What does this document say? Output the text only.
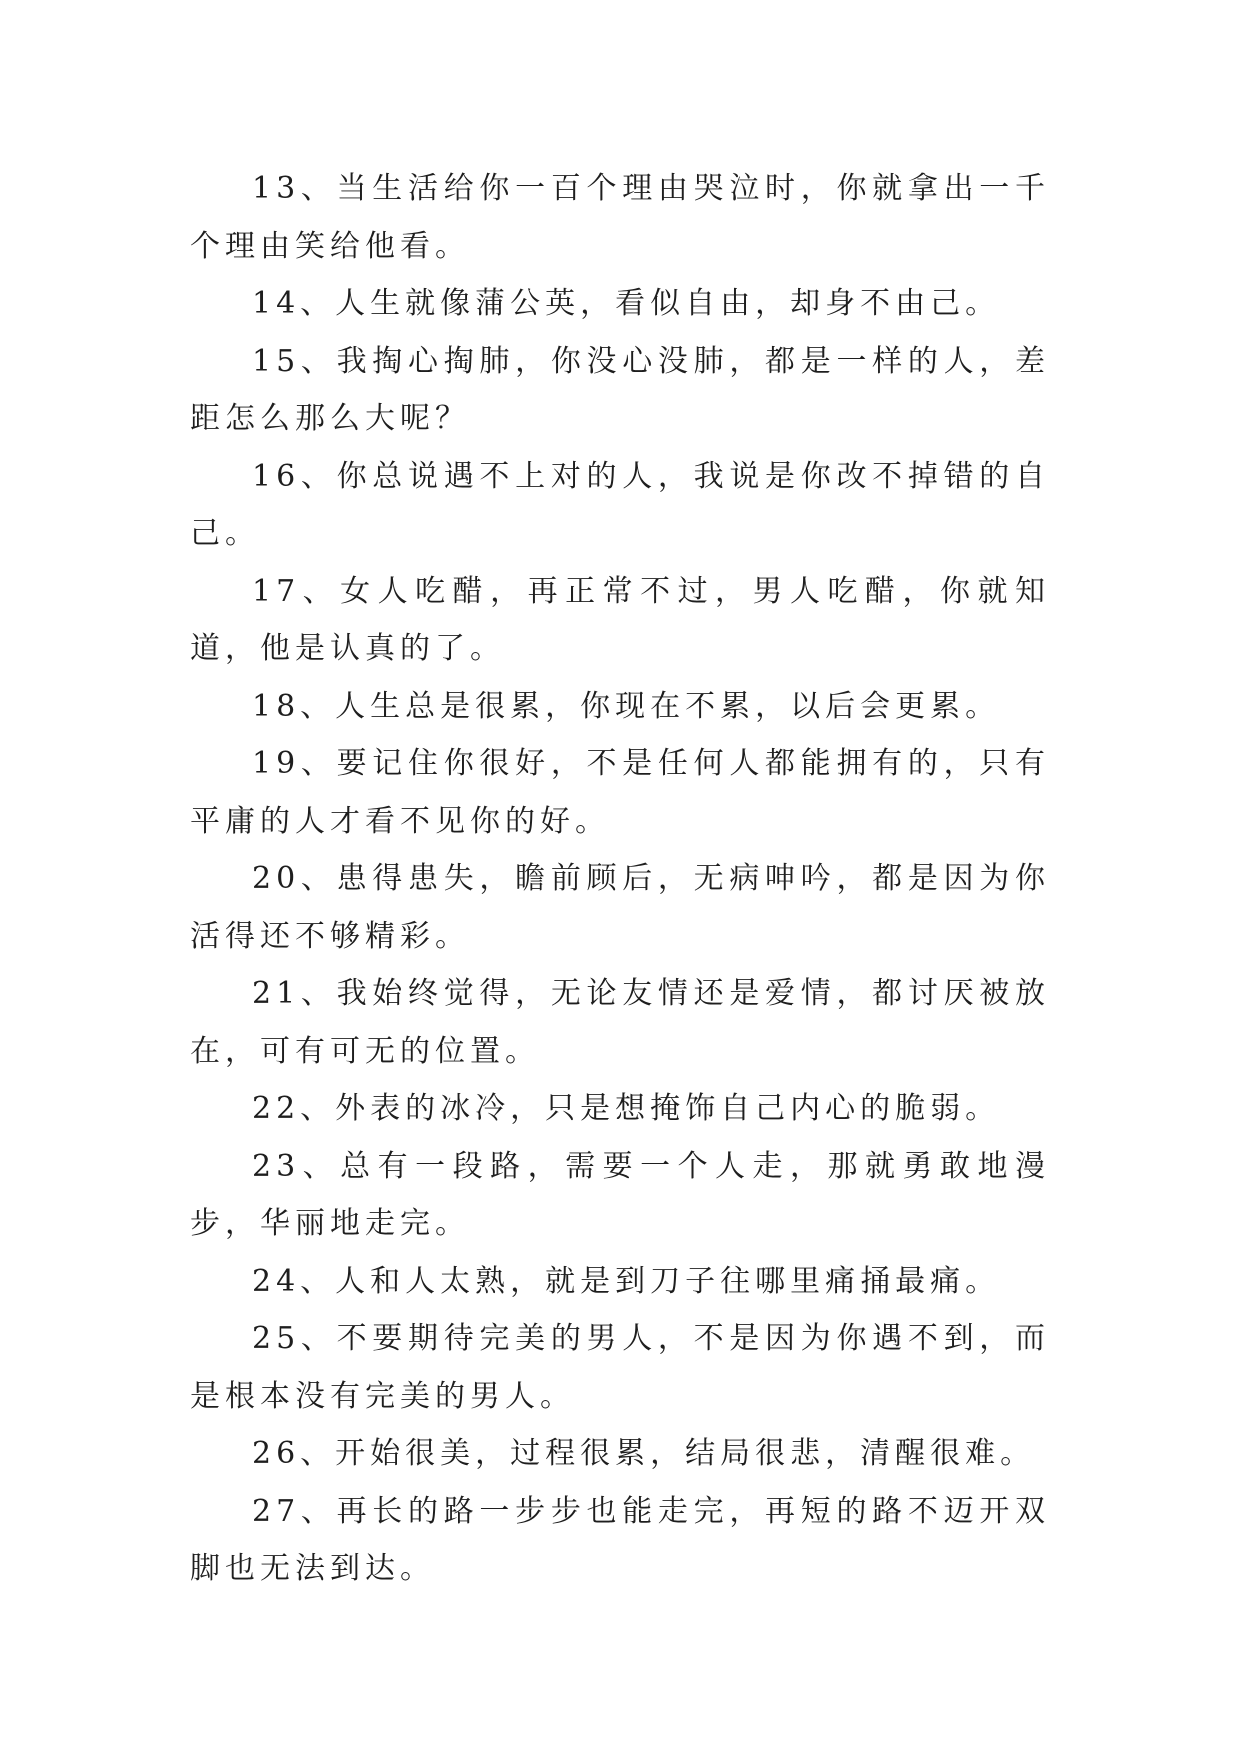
13、当生活给你一百个理由哭泣时，你就拿出一千个理由笑给他看。

14、人生就像蒲公英，看似自由，却身不由己。

15、我掏心掏肺，你没心没肺，都是一样的人，差距怎么那么大呢？

16、你总说遇不上对的人，我说是你改不掉错的自己。

17、女人吃醋，再正常不过，男人吃醋，你就知道，他是认真的了。

18、人生总是很累，你现在不累，以后会更累。

19、要记住你很好，不是任何人都能拥有的，只有平庸的人才看不见你的好。

20、患得患失，瞻前顾后，无病呻吟，都是因为你活得还不够精彩。

21、我始终觉得，无论友情还是爱情，都讨厌被放在，可有可无的位置。

22、外表的冰冷，只是想掩饰自己内心的脆弱。

23、总有一段路，需要一个人走，那就勇敢地漫步，华丽地走完。

24、人和人太熟，就是到刀子往哪里痛捅最痛。

25、不要期待完美的男人，不是因为你遇不到，而是根本没有完美的男人。

26、开始很美，过程很累，结局很悲，清醒很难。

27、再长的路一步步也能走完，再短的路不迈开双脚也无法到达。
